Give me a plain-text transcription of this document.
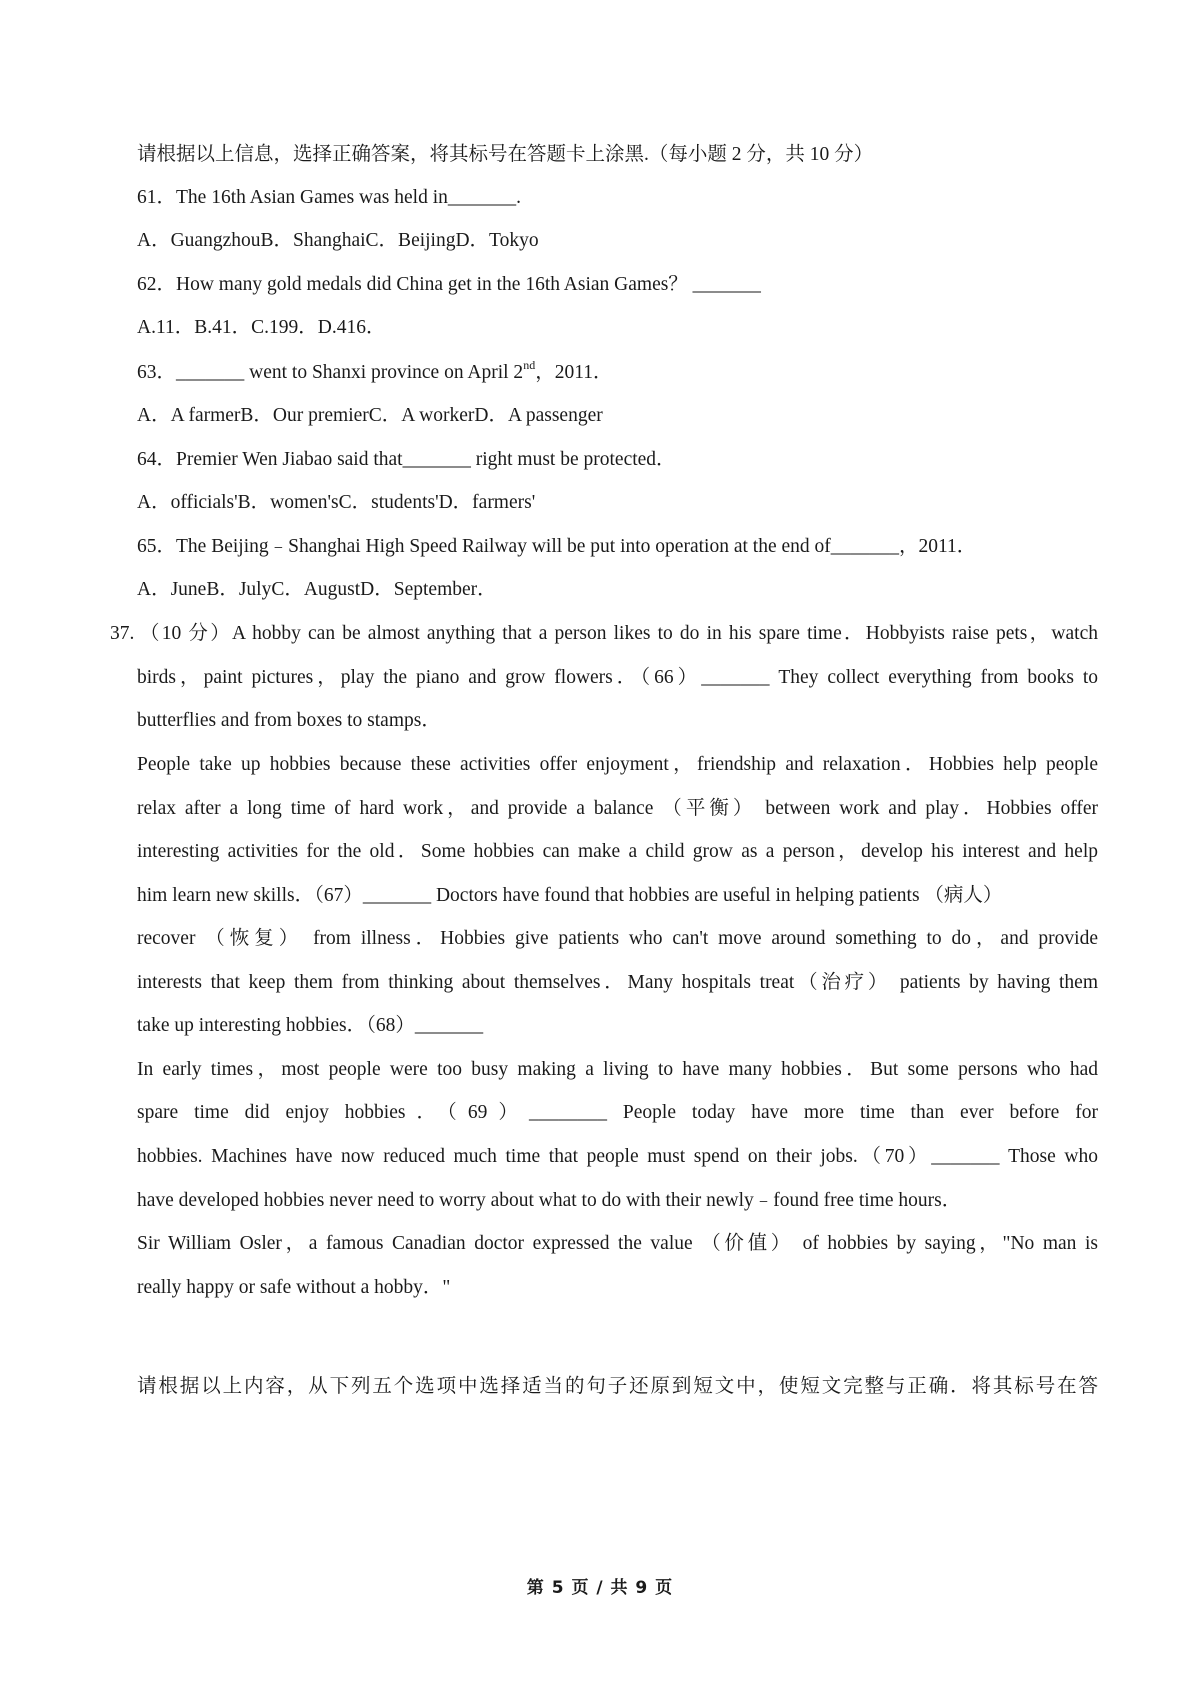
请根据以上信息，选择正确答案，将其标号在答题卡上涂黑.（每小题 2 分，共 10 分）
61．The 16th Asian Games was held in_______.
A．GuangzhouB．ShanghaiC．BeijingD．Tokyo
62．How many gold medals did China get in the 16th Asian Games？ _______
A.11．B.41．C.199．D.416．
63．_______ went to Shanxi province on April 2nd，2011．
A．A farmerB．Our premierC．A workerD．A passenger
64．Premier Wen Jiabao said that_______ right must be protected．
A．officials'B．women'sC．students'D．farmers'
65．The Beijing﹣Shanghai High Speed Railway will be put into operation at the end of_______，2011．
A．JuneB．JulyC．AugustD．September．
37. （10 分）A hobby can be almost anything that a person likes to do in his spare time．Hobbyists raise pets，watch
birds，paint pictures，play the piano and grow flowers．（66）_______ They collect everything from books to
butterflies and from boxes to stamps．
People take up hobbies because these activities offer enjoyment，friendship and relaxation．Hobbies help people
relax after a long time of hard work，and provide a balance （平衡） between work and play．Hobbies offer
interesting activities for the old．Some hobbies can make a child grow as a person，develop his interest and help
him learn new skills．（67）_______ Doctors have found that hobbies are useful in helping patients （病人）
recover （恢复） from illness．Hobbies give patients who can't move around something to do，and provide
interests that keep them from thinking about themselves．Many hospitals treat（治疗） patients by having them
take up interesting hobbies．（68）_______
In early times，most people were too busy making a living to have many hobbies．But some persons who had
spare time did enjoy hobbies．（69）________ People today have more time than ever before for
hobbies. Machines have now reduced much time that people must spend on their jobs.（70）_______ Those who
have developed hobbies never need to worry about what to do with their newly﹣found free time hours．
Sir William Osler，a famous Canadian doctor expressed the value （价值） of hobbies by saying，"No man is
really happy or safe without a hobby．"
请根据以上内容，从下列五个选项中选择适当的句子还原到短文中，使短文完整与正确．将其标号在答
第 5 页 / 共 9 页
